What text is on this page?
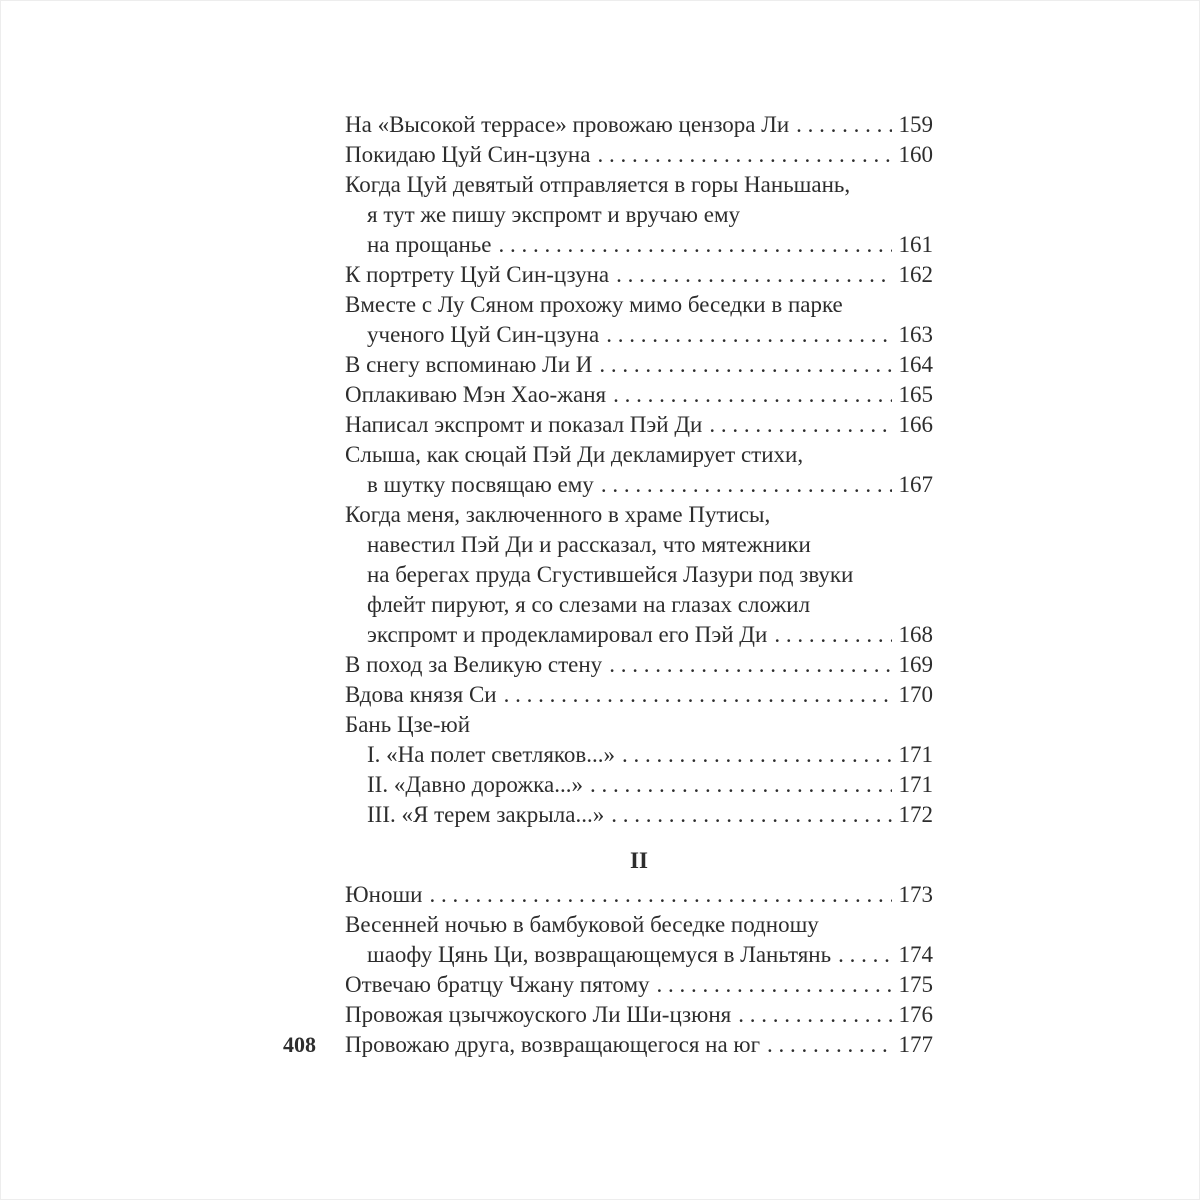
408
На «Высокой террасе» провожаю цензора Ли . . .	159
Покидаю Цуй Син-цзуна . . .	160
Когда Цуй девятый отправляется в горы Наньшань,
я тут же пишу экспромт и вручаю ему
на прощанье . . .	161
К портрету Цуй Син-цзуна . . .	162
Вместе с Лу Сяном прохожу мимо беседки в парке
ученого Цуй Син-цзуна . . .	163
В снегу вспоминаю Ли И . . .	164
Оплакиваю Мэн Хао-жаня . . .	165
Написал экспромт и показал Пэй Ди . . .	166
Слыша, как сюцай Пэй Ди декламирует стихи,
в шутку посвящаю ему . . .	167
Когда меня, заключенного в храме Путисы,
навестил Пэй Ди и рассказал, что мятежники
на берегах пруда Сгустившейся Лазури под звуки
флейт пируют, я со слезами на глазах сложил
экспромт и продекламировал его Пэй Ди . . .	168
В поход за Великую стену . . .	169
Вдова князя Си . . .	170
Бань Цзе-юй
I. «На полет светляков...» . . .	171
II. «Давно дорожка...» . . .	171
III. «Я терем закрыла...» . . .	172
II
Юноши . . .	173
Весенней ночью в бамбуковой беседке подношу
шаофу Цянь Ци, возвращающемуся в Ланьтянь . . .	174
Отвечаю братцу Чжану пятому . . .	175
Провожая цзычжоуского Ли Ши-цзюня . . .	176
Провожаю друга, возвращающегося на юг . . .	177
